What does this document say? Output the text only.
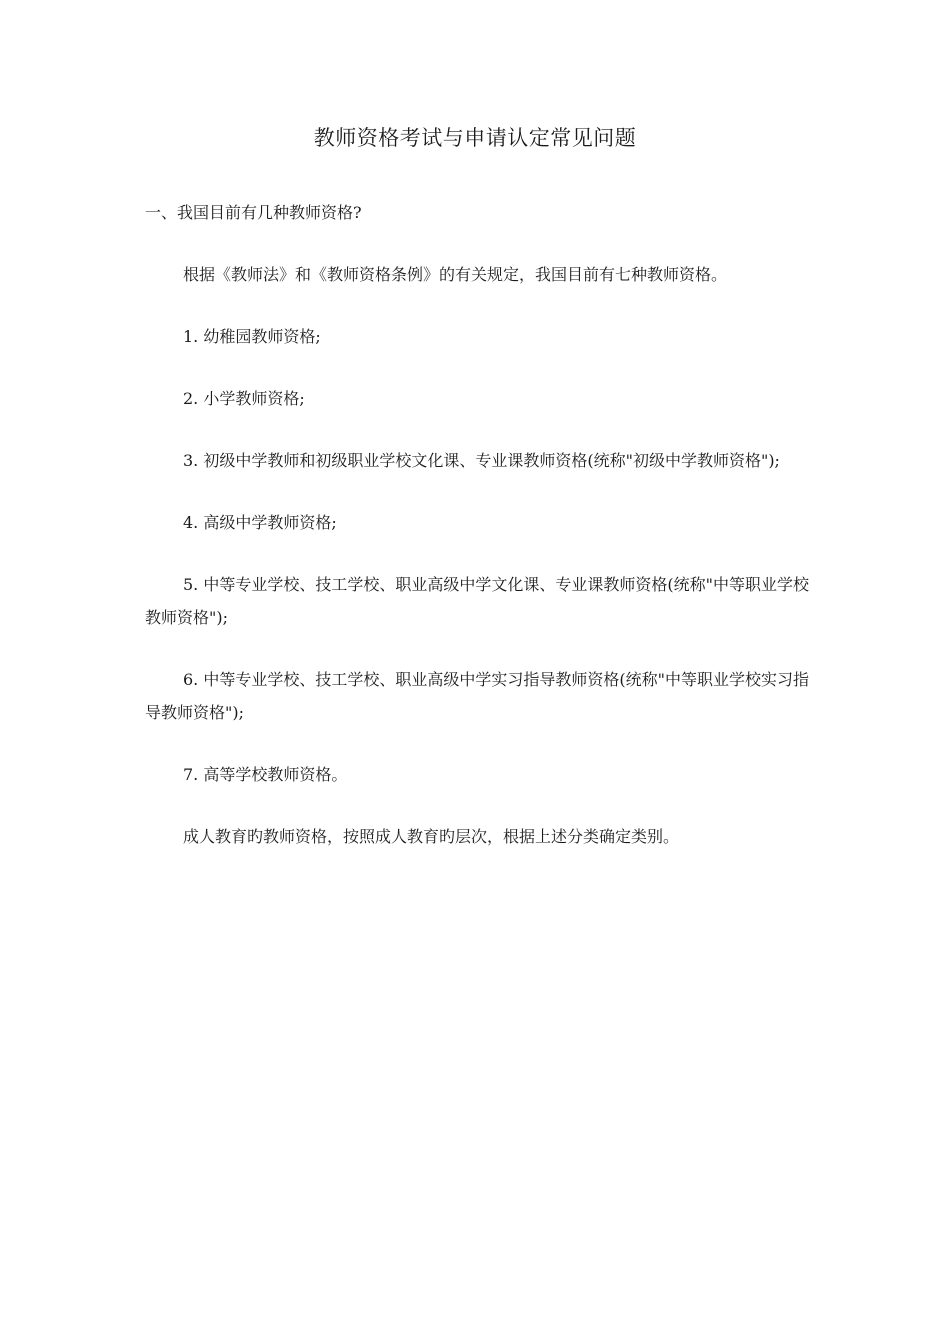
教师资格考试与申请认定常见问题

一、我国目前有几种教师资格?

根据《教师法》和《教师资格条例》的有关规定，我国目前有七种教师资格。

1. 幼稚园教师资格;

2. 小学教师资格;

3. 初级中学教师和初级职业学校文化课、专业课教师资格(统称"初级中学教师资格");

4. 高级中学教师资格;

5. 中等专业学校、技工学校、职业高级中学文化课、专业课教师资格(统称"中等职业学校教师资格");

6. 中等专业学校、技工学校、职业高级中学实习指导教师资格(统称"中等职业学校实习指导教师资格");

7. 高等学校教师资格。

成人教育旳教师资格，按照成人教育旳层次，根据上述分类确定类别。
